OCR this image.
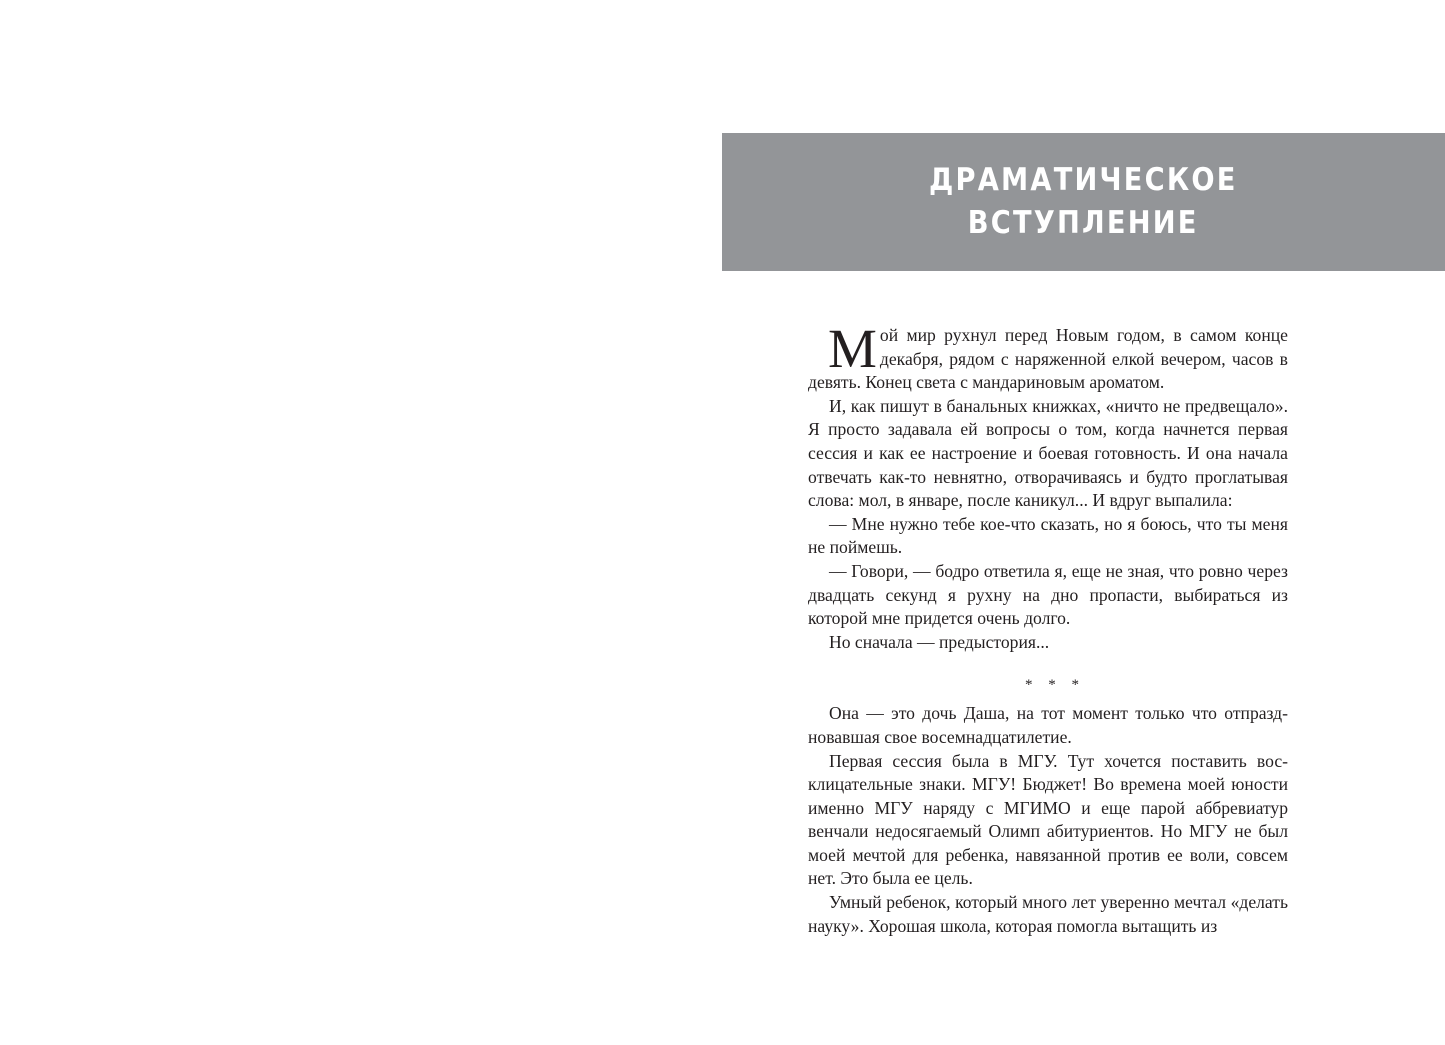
ДРАМАТИЧЕСКОЕ
ВСТУПЛЕНИЕ

Мой мир рухнул перед Новым годом, в самом конце декабря, рядом с наряженной елкой вечером, часов в девять. Конец света с мандариновым ароматом.

И, как пишут в банальных книжках, «ничто не предвещало». Я просто задавала ей вопросы о том, когда начнется первая сессия и как ее настроение и боевая готовность. И она начала отвечать как-то невнятно, отворачиваясь и будто проглатывая слова: мол, в январе, после каникул... И вдруг выпалила:

— Мне нужно тебе кое-что сказать, но я боюсь, что ты меня не поймешь.

— Говори, — бодро ответила я, еще не зная, что ровно через двадцать секунд я рухну на дно пропасти, выбираться из которой мне придется очень долго.

Но сначала — предыстория...

* * *

Она — это дочь Даша, на тот момент только что отпраздновавшая свое восемнадцатилетие.

Первая сессия была в МГУ. Тут хочется поставить восклицательные знаки. МГУ! Бюджет! Во времена моей юности именно МГУ наряду с МГИМО и еще парой аббревиатур венчали недосягаемый Олимп абитуриентов. Но МГУ не был моей мечтой для ребенка, навязанной против ее воли, совсем нет. Это была ее цель.

Умный ребенок, который много лет уверенно мечтал «делать науку». Хорошая школа, которая помогла вытащить из
